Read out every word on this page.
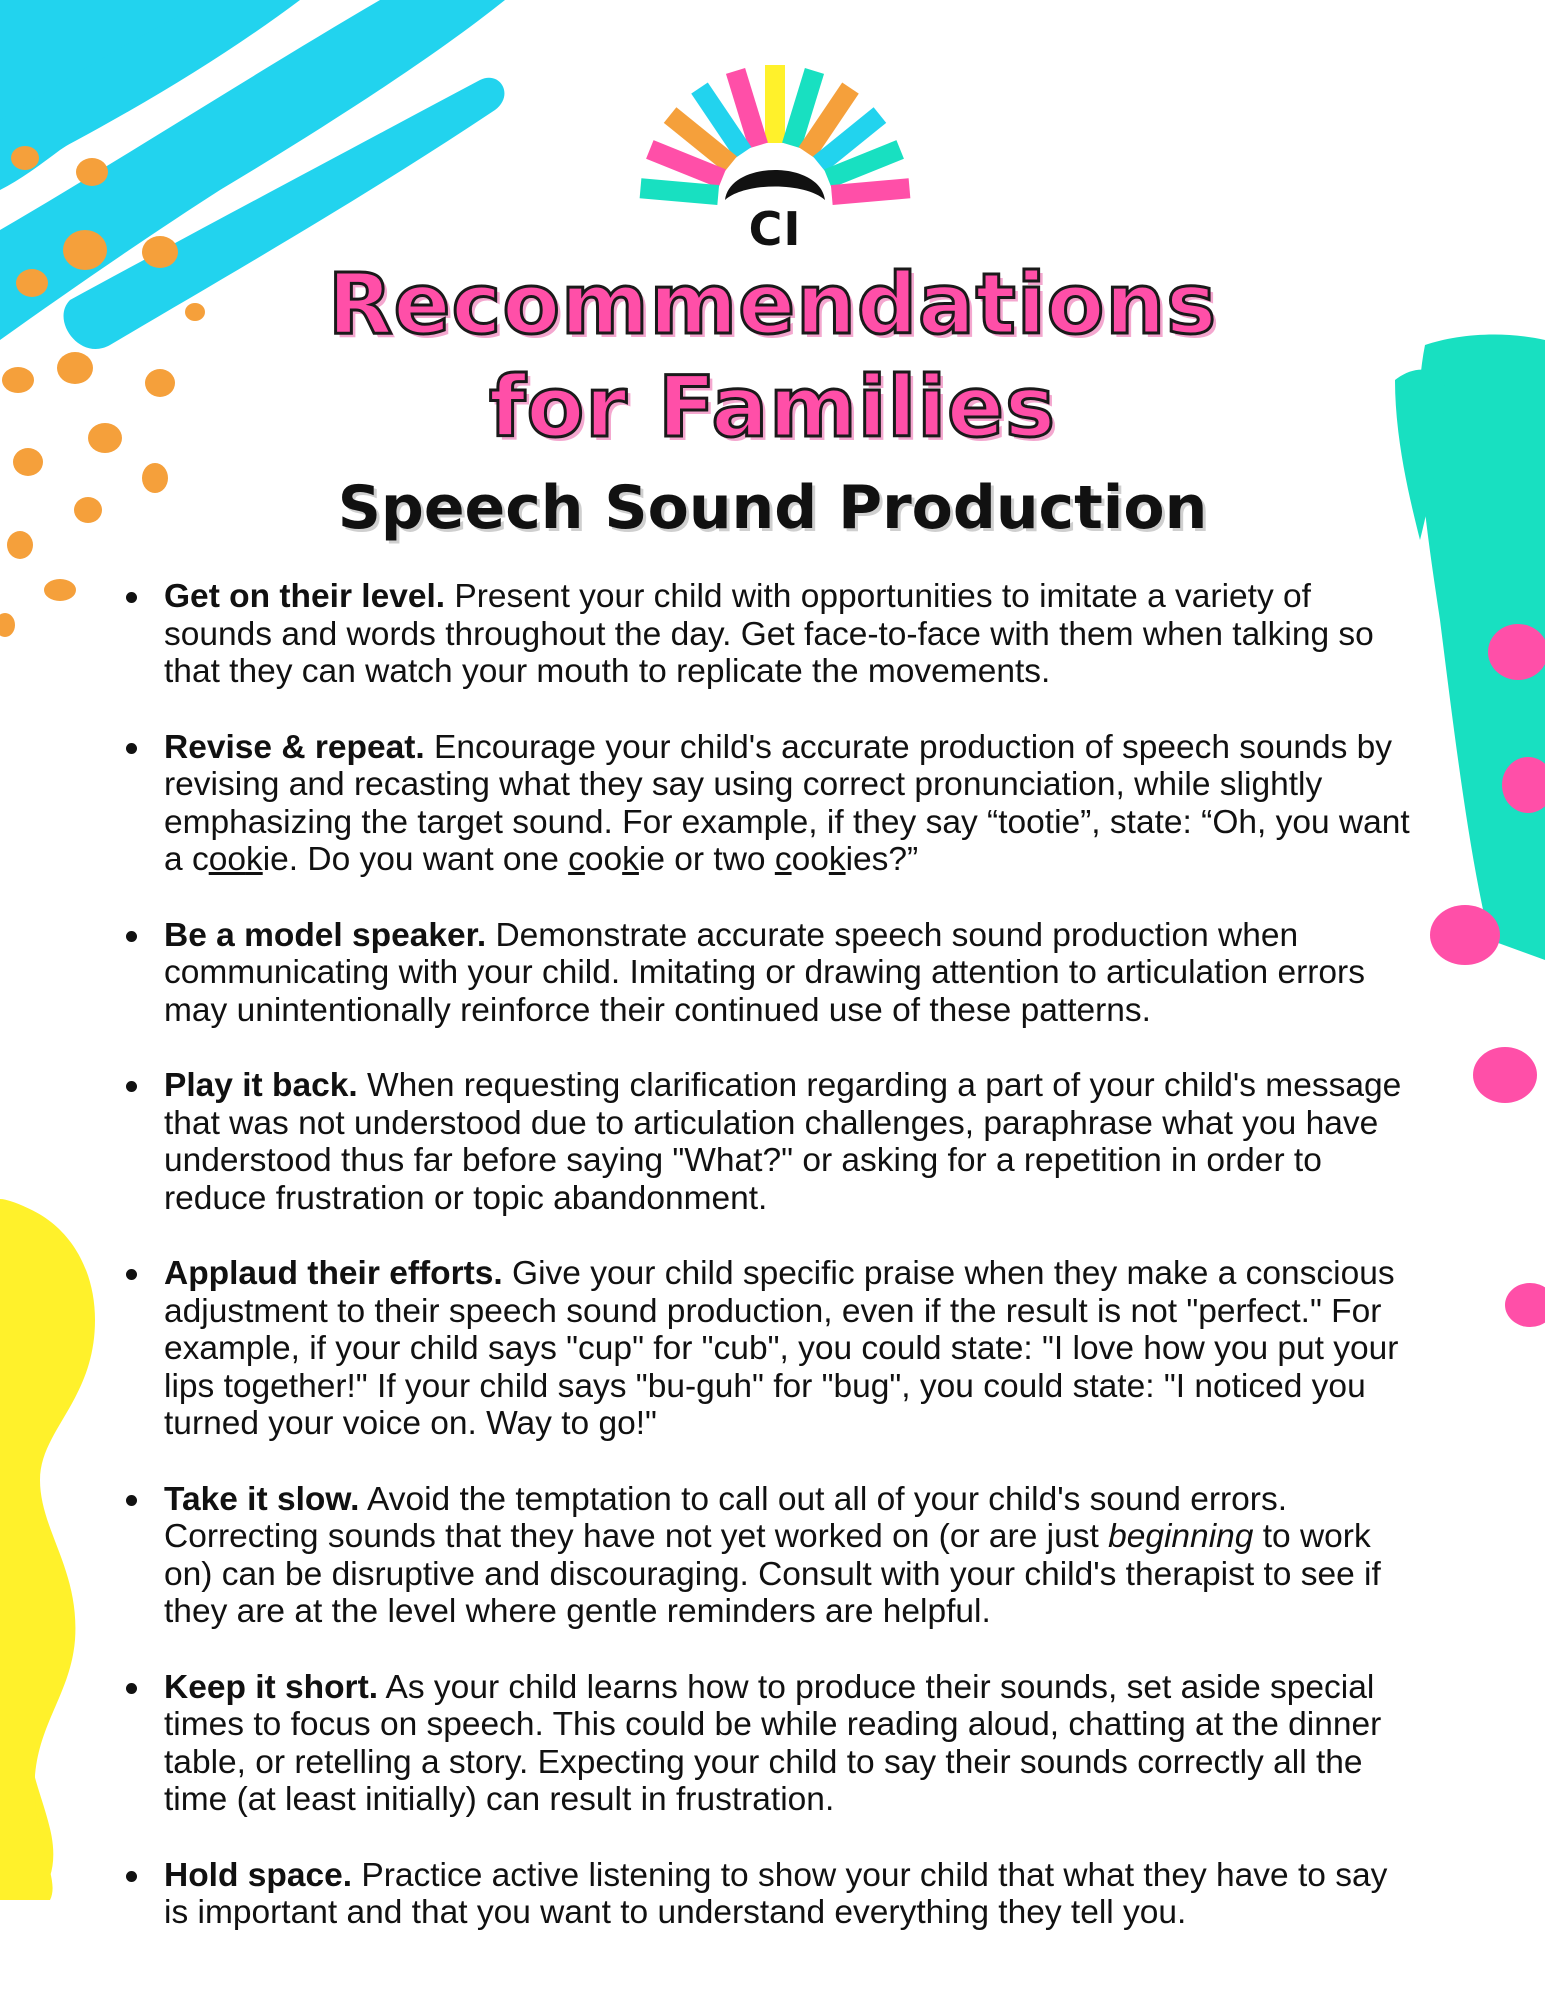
CI
Recommendations
for Families
Speech Sound Production

Get on their level. Present your child with opportunities to imitate a variety of sounds and words throughout the day. Get face-to-face with them when talking so that they can watch your mouth to replicate the movements.

Revise & repeat. Encourage your child's accurate production of speech sounds by revising and recasting what they say using correct pronunciation, while slightly emphasizing the target sound. For example, if they say “tootie”, state: “Oh, you want a cookie. Do you want one cookie or two cookies?”

Be a model speaker. Demonstrate accurate speech sound production when communicating with your child. Imitating or drawing attention to articulation errors may unintentionally reinforce their continued use of these patterns.

Play it back. When requesting clarification regarding a part of your child's message that was not understood due to articulation challenges, paraphrase what you have understood thus far before saying "What?" or asking for a repetition in order to reduce frustration or topic abandonment.

Applaud their efforts. Give your child specific praise when they make a conscious adjustment to their speech sound production, even if the result is not "perfect." For example, if your child says "cup" for "cub", you could state: "I love how you put your lips together!" If your child says "bu-guh" for "bug", you could state: "I noticed you turned your voice on. Way to go!"

Take it slow. Avoid the temptation to call out all of your child's sound errors. Correcting sounds that they have not yet worked on (or are just beginning to work on) can be disruptive and discouraging. Consult with your child's therapist to see if they are at the level where gentle reminders are helpful.

Keep it short. As your child learns how to produce their sounds, set aside special times to focus on speech. This could be while reading aloud, chatting at the dinner table, or retelling a story. Expecting your child to say their sounds correctly all the time (at least initially) can result in frustration.

Hold space. Practice active listening to show your child that what they have to say is important and that you want to understand everything they tell you.
